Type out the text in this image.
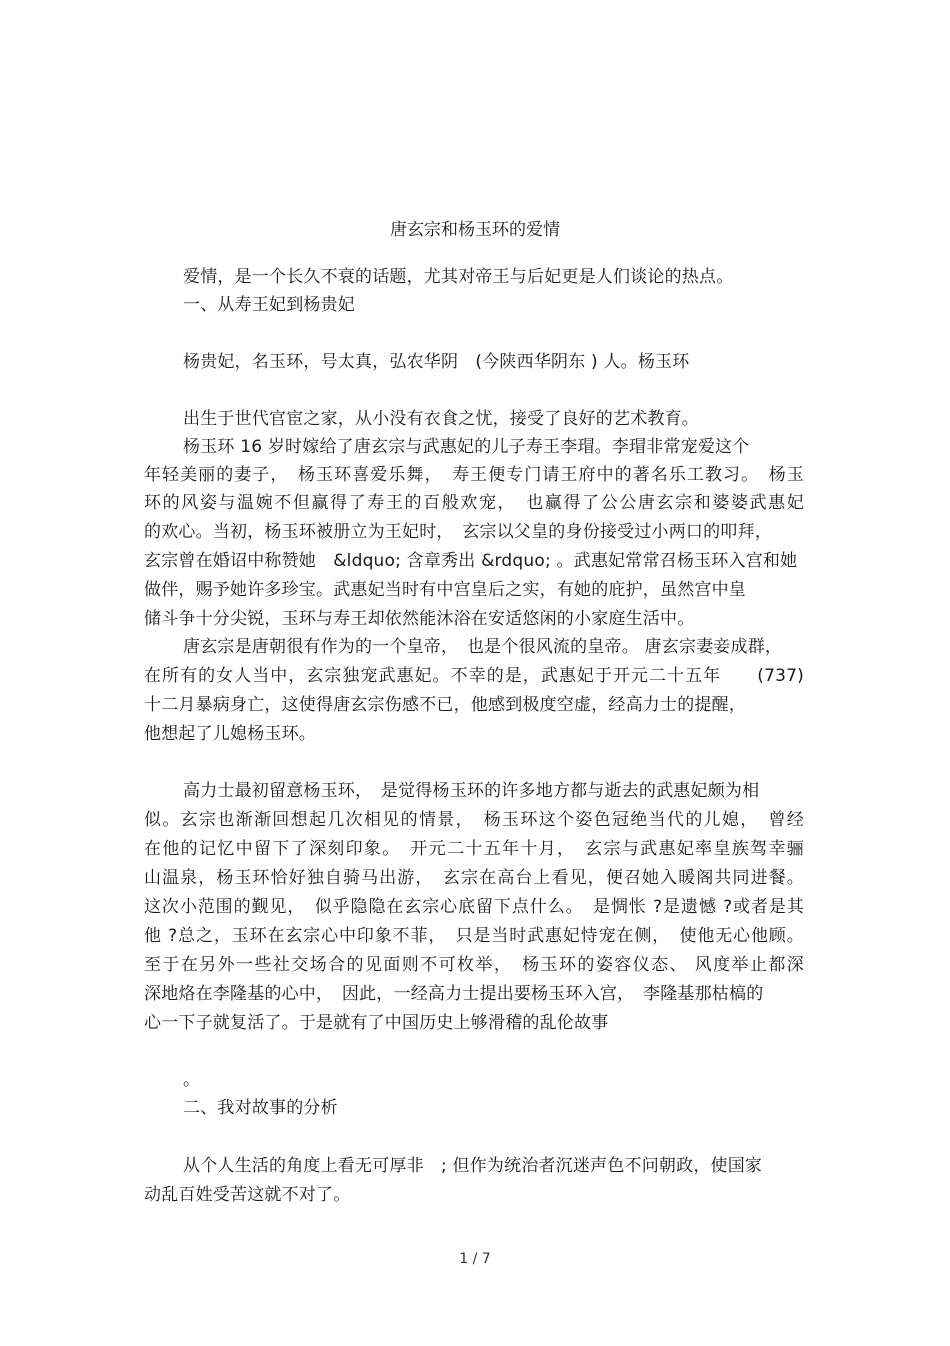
唐玄宗和杨玉环的爱情
爱情，是一个长久不衰的话题，尤其对帝王与后妃更是人们谈论的热点。
一、从寿王妃到杨贵妃
杨贵妃，名玉环，号太真，弘农华阴　(今陕西华阴东 ) 人。杨玉环
出生于世代官宦之家，从小没有衣食之忧，接受了良好的艺术教育。
杨玉环 16 岁时嫁给了唐玄宗与武惠妃的儿子寿王李瑁。李瑁非常宠爱这个
年轻美丽的妻子，　杨玉环喜爱乐舞，　寿王便专门请王府中的著名乐工教习。　杨玉
环的风姿与温婉不但赢得了寿王的百般欢宠，　也赢得了公公唐玄宗和婆婆武惠妃
的欢心。当初，杨玉环被册立为王妃时，　玄宗以父皇的身份接受过小两口的叩拜，
玄宗曾在婚诏中称赞她　&ldquo; 含章秀出 &rdquo; 。武惠妃常常召杨玉环入宫和她
做伴，赐予她许多珍宝。武惠妃当时有中宫皇后之实，有她的庇护，虽然宫中皇
储斗争十分尖锐，玉环与寿王却依然能沐浴在安适悠闲的小家庭生活中。
唐玄宗是唐朝很有作为的一个皇帝，　也是个很风流的皇帝。 唐玄宗妻妾成群，
在所有的女人当中，玄宗独宠武惠妃。不幸的是，武惠妃于开元二十五年　　(737)
十二月暴病身亡，这使得唐玄宗伤感不已，他感到极度空虚，经高力士的提醒，
他想起了儿媳杨玉环。
高力士最初留意杨玉环，　是觉得杨玉环的许多地方都与逝去的武惠妃颇为相
似。玄宗也渐渐回想起几次相见的情景，　杨玉环这个姿色冠绝当代的儿媳，　曾经
在他的记忆中留下了深刻印象。　开元二十五年十月，　玄宗与武惠妃率皇族驾幸骊
山温泉，杨玉环恰好独自骑马出游，　玄宗在高台上看见，便召她入暖阁共同进餐。
这次小范围的觐见，　似乎隐隐在玄宗心底留下点什么。　是惆怅 ?是遗憾 ?或者是其
他 ?总之，玉环在玄宗心中印象不菲，　只是当时武惠妃恃宠在侧，　使他无心他顾。
至于在另外一些社交场合的见面则不可枚举，　杨玉环的姿容仪态、 风度举止都深
深地烙在李隆基的心中，　因此，一经高力士提出要杨玉环入宫，　李隆基那枯槁的
心一下子就复活了。于是就有了中国历史上够滑稽的乱伦故事
。
二、我对故事的分析
从个人生活的角度上看无可厚非　; 但作为统治者沉迷声色不问朝政，使国家
动乱百姓受苦这就不对了。
1 / 7
